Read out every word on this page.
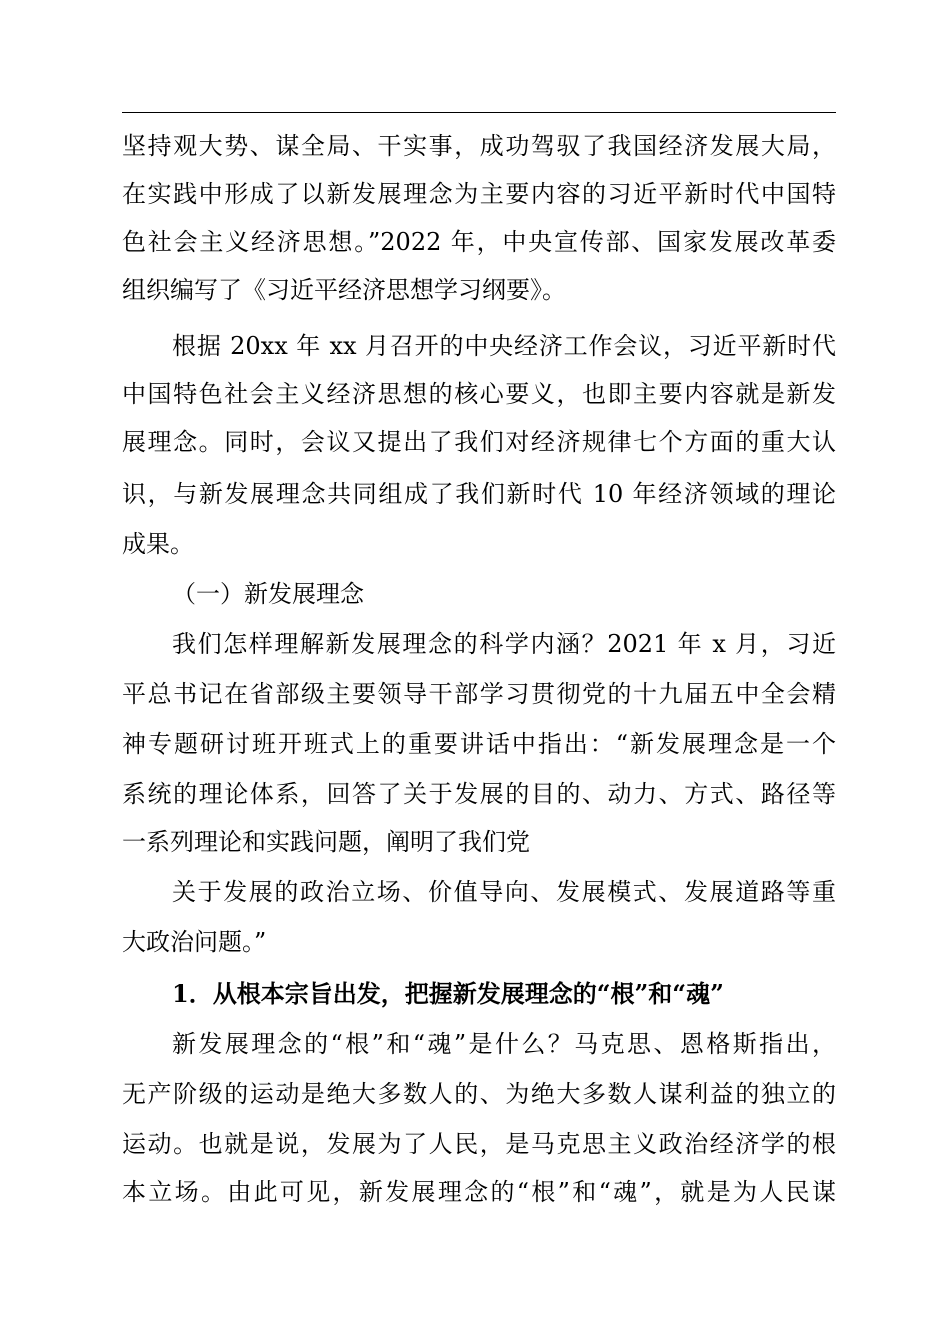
坚持观大势、谋全局、干实事，成功驾驭了我国经济发展大局，
在实践中形成了以新发展理念为主要内容的习近平新时代中国特
色社会主义经济思想。”2022 年，中央宣传部、国家发展改革委
组织编写了《习近平经济思想学习纲要》。
根据 20xx 年 xx 月召开的中央经济工作会议，习近平新时代
中国特色社会主义经济思想的核心要义，也即主要内容就是新发
展理念。同时，会议又提出了我们对经济规律七个方面的重大认
识，与新发展理念共同组成了我们新时代 10 年经济领域的理论
成果。
（一）新发展理念
我们怎样理解新发展理念的科学内涵？2021 年 x 月，习近
平总书记在省部级主要领导干部学习贯彻党的十九届五中全会精
神专题研讨班开班式上的重要讲话中指出：“新发展理念是一个
系统的理论体系，回答了关于发展的目的、动力、方式、路径等
一系列理论和实践问题，阐明了我们党
关于发展的政治立场、价值导向、发展模式、发展道路等重
大政治问题。”
1．从根本宗旨出发，把握新发展理念的“根”和“魂”
新发展理念的“根”和“魂”是什么？马克思、恩格斯指出，
无产阶级的运动是绝大多数人的、为绝大多数人谋利益的独立的
运动。也就是说，发展为了人民，是马克思主义政治经济学的根
本立场。由此可见，新发展理念的“根”和“魂”，就是为人民谋
